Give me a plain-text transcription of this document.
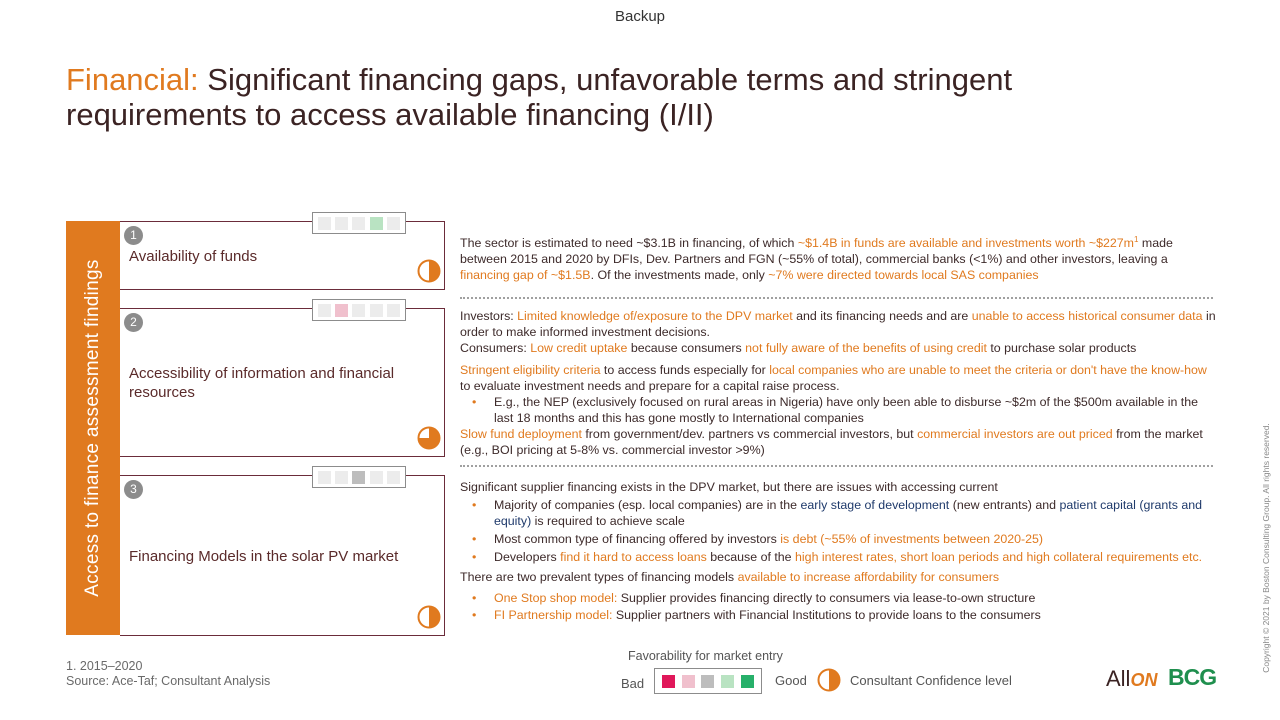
Backup
Financial: Significant financing gaps, unfavorable terms and stringent requirements to access available financing (I/II)
Access to finance assessment findings
1
Availability of funds
2
Accessibility of information and financial resources
3
Financing Models in the solar PV market
The sector is estimated to need ~$3.1B in financing, of which ~$1.4B in funds are available and investments worth $\sim\$227m^1$ made between 2015 and 2020 by DFIs, Dev. Partners and FGN (~55% of total), commercial banks (<1%) and other investors, leaving a financing gap of ~$1.5B. Of the investments made, only ~7% were directed towards local SAS companies
Investors: Limited knowledge of/exposure to the DPV market and its financing needs and are unable to access historical consumer data in order to make informed investment decisions.
Consumers: Low credit uptake because consumers not fully aware of the benefits of using credit to purchase solar products
Stringent eligibility criteria to access funds especially for local companies who are unable to meet the criteria or don't have the know-how to evaluate investment needs and prepare for a capital raise process.
• E.g., the NEP (exclusively focused on rural areas in Nigeria) have only been able to disburse ~$2m of the $500m available in the last 18 months and this has gone mostly to International companies
Slow fund deployment from government/dev. partners vs commercial investors, but commercial investors are out priced from the market (e.g., BOI pricing at 5-8% vs. commercial investor >9%)
Significant supplier financing exists in the DPV market, but there are issues with accessing current
• Majority of companies (esp. local companies) are in the early stage of development (new entrants) and patient capital (grants and equity) is required to achieve scale
• Most common type of financing offered by investors is debt (~55% of investments between 2020-25)
• Developers find it hard to access loans because of the high interest rates, short loan periods and high collateral requirements etc.
There are two prevalent types of financing models available to increase affordability for consumers
• One Stop shop model: Supplier provides financing directly to consumers via lease-to-own structure
• FI Partnership model: Supplier partners with Financial Institutions to provide loans to the consumers
1. 2015–2020
Source: Ace-Taf; Consultant Analysis
Favorability for market entry
Bad	Good	Consultant Confidence level	AllON BCG
Copyright © 2021 by Boston Consulting Group. All rights reserved.
